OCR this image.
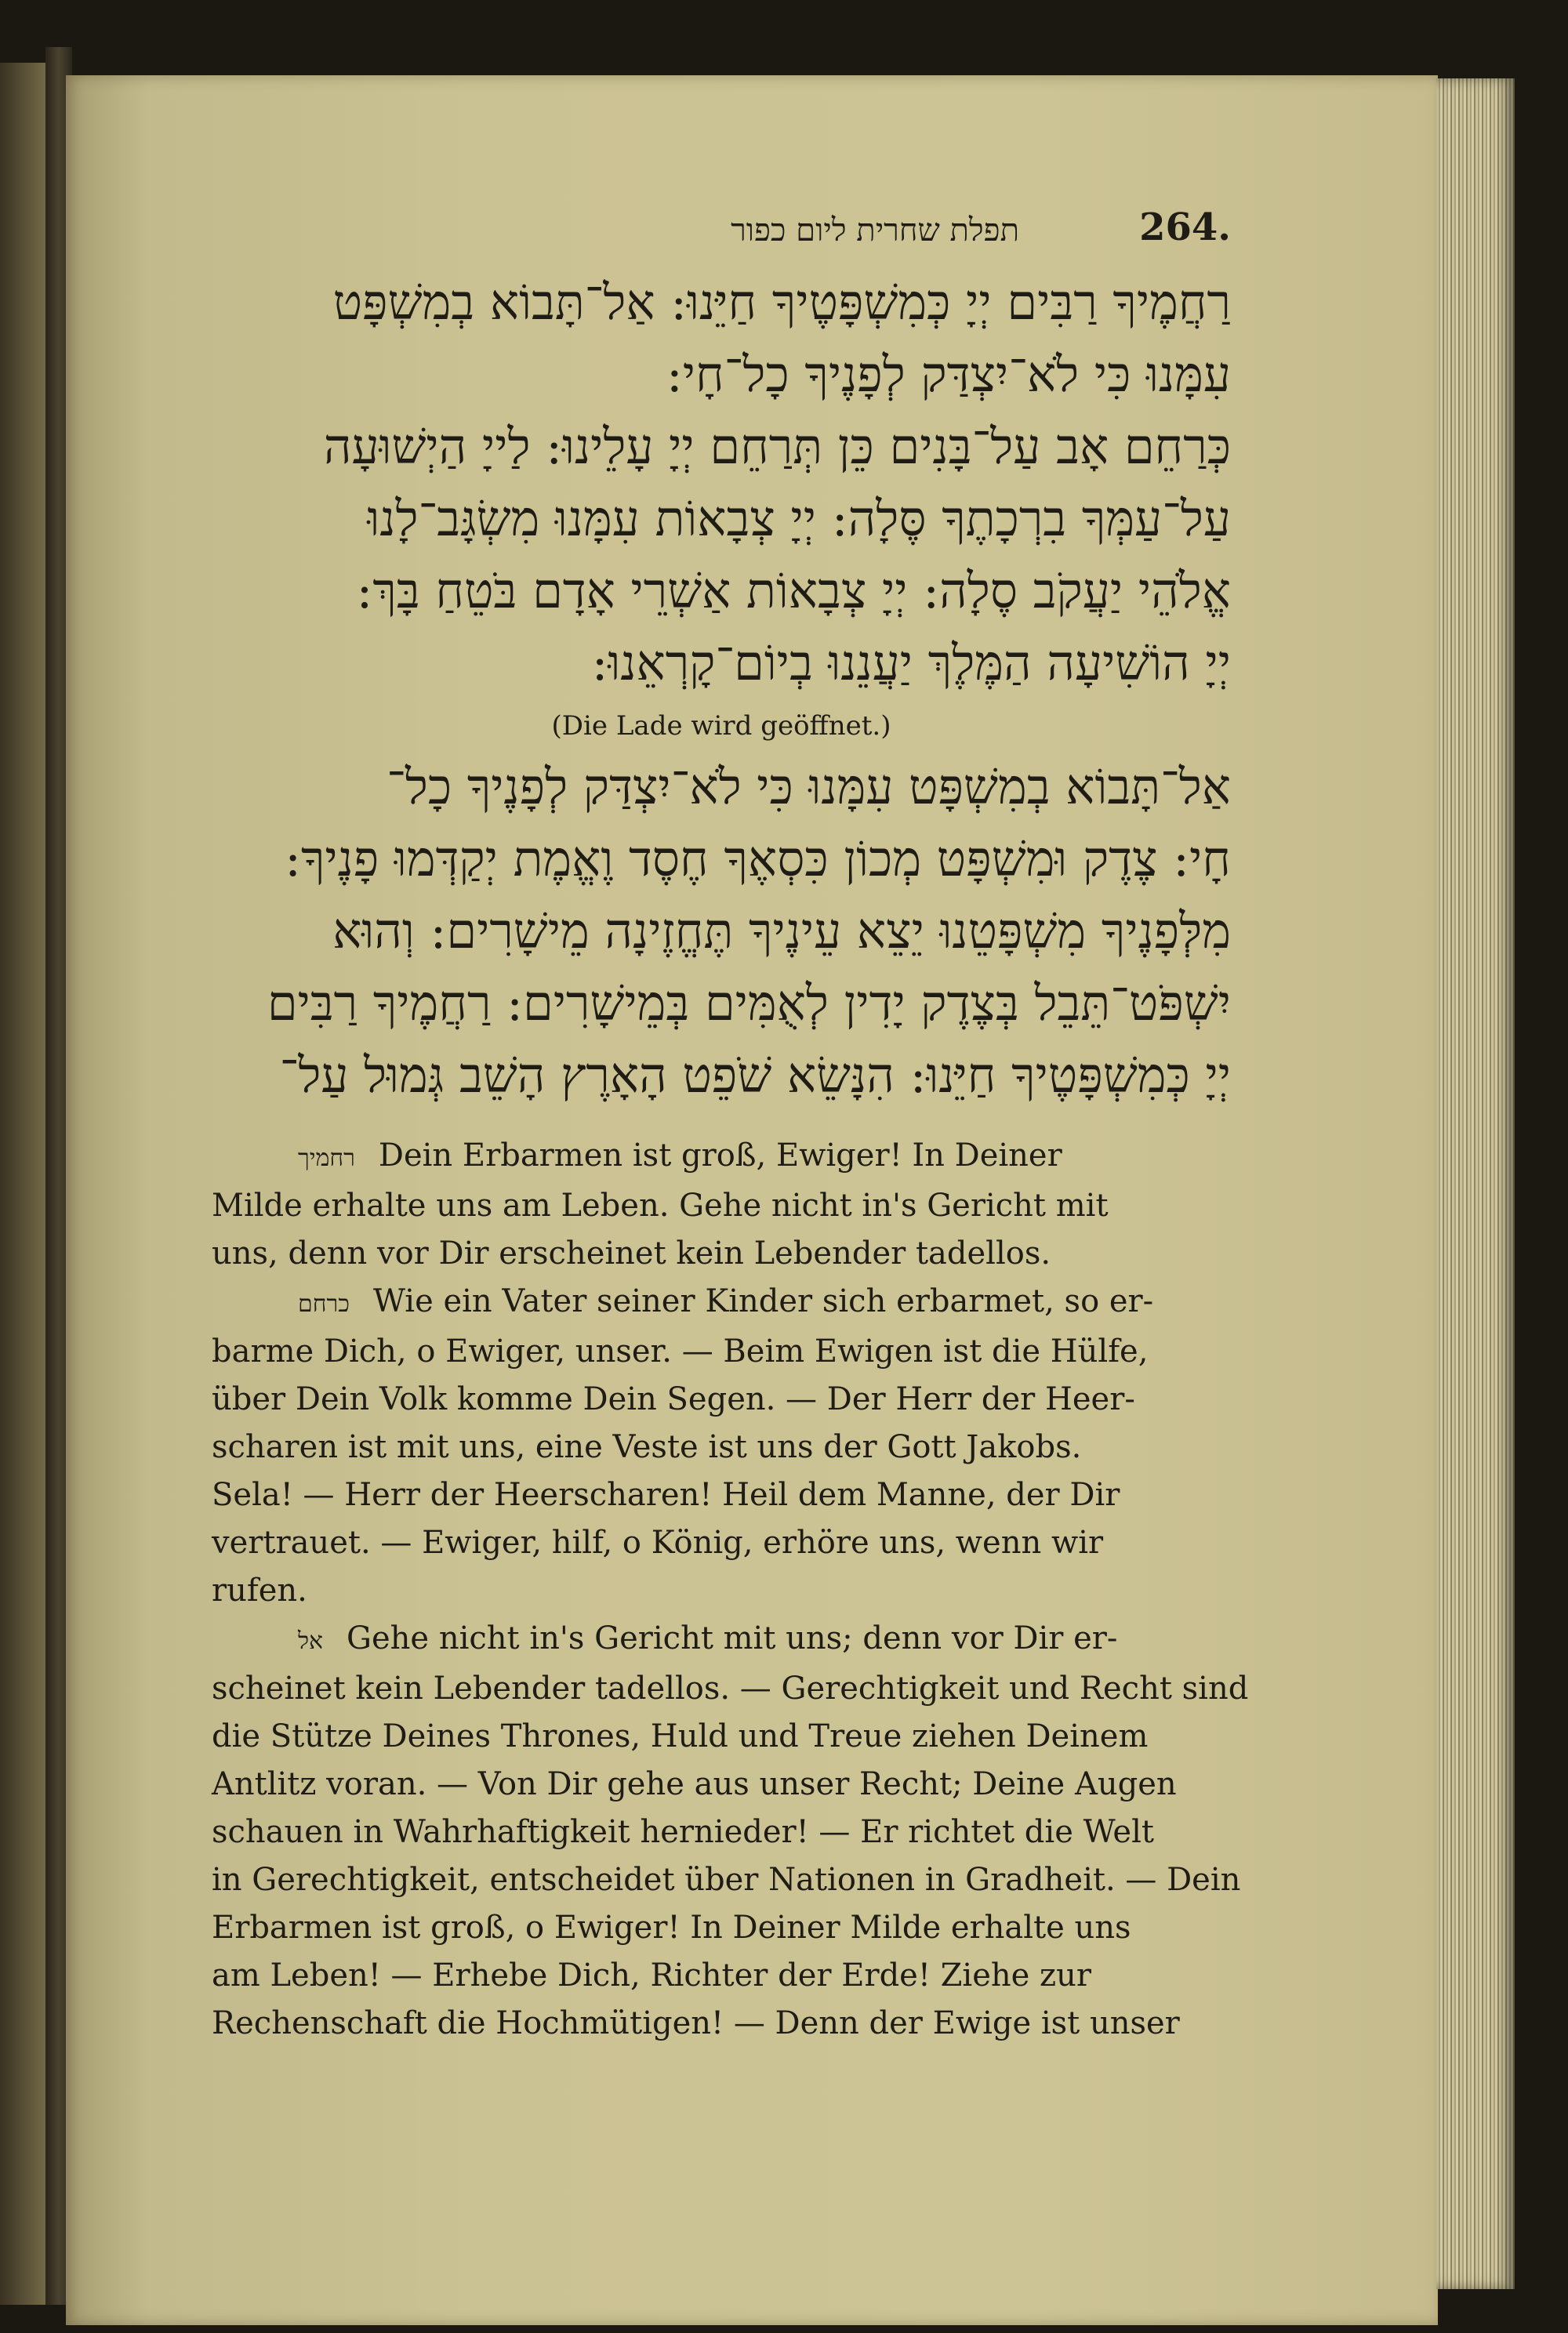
תפלת שחרית ליום כפור	264.
רַחֲמֶיךָ רַבִּים יְיָ כְּמִשְׁפָּטֶיךָ חַיֵּנוּ: אַל־תָּבוֹא בְמִשְׁפָּט
עִמָּנוּ כִּי לֹא־יִצְדַּק לְפָנֶיךָ כָל־חָי:
כְּרַחֵם אָב עַל־בָּנִים כֵּן תְּרַחֵם יְיָ עָלֵינוּ: לַייָ הַיְשׁוּעָה
עַל־עַמְּךָ בִרְכָתֶךָ סֶּלָה: יְיָ צְבָאוֹת עִמָּנוּ מִשְׂגָּב־לָנוּ
אֱלֹהֵי יַעֲקֹב סֶלָה: יְיָ צְבָאוֹת אַשְׁרֵי אָדָם בֹּטֵחַ בָּךְ:
יְיָ הוֹשִׁיעָה הַמֶּלֶךְ יַעֲנֵנוּ בְיוֹם־קָרְאֵנוּ:
(Die Lade wird geöffnet.)
אַל־תָּבוֹא בְמִשְׁפָּט עִמָּנוּ כִּי לֹא־יִצְדַּק לְפָנֶיךָ כָל־
חָי: צֶדֶק וּמִשְׁפָּט מְכוֹן כִּסְאֶךָ חֶסֶד וֶאֱמֶת יְקַדְּמוּ פָנֶיךָ:
מִלְּפָנֶיךָ מִשְׁפָּטֵנוּ יֵצֵא עֵינֶיךָ תֶּחֱזֶינָה מֵישָׁרִים: וְהוּא
יִשְׁפֹּט־תֵּבֵל בְּצֶדֶק יָדִין לְאֻמִּים בְּמֵישָׁרִים: רַחֲמֶיךָ רַבִּים
יְיָ כְּמִשְׁפָּטֶיךָ חַיֵּנוּ: הִנָּשֵׂא שֹׁפֵט הָאָרֶץ הָשֵׁב גְּמוּל עַל־
רחמיך Dein Erbarmen ist groß, Ewiger! In Deiner
Milde erhalte uns am Leben. Gehe nicht in's Gericht mit
uns, denn vor Dir erscheinet kein Lebender tadellos.
כרחם Wie ein Vater seiner Kinder sich erbarmet, so er-
barme Dich, o Ewiger, unser. — Beim Ewigen ist die Hülfe,
über Dein Volk komme Dein Segen. — Der Herr der Heer-
scharen ist mit uns, eine Veste ist uns der Gott Jakobs.
Sela! — Herr der Heerscharen! Heil dem Manne, der Dir
vertrauet. — Ewiger, hilf, o König, erhöre uns, wenn wir
rufen.
אל Gehe nicht in's Gericht mit uns; denn vor Dir er-
scheinet kein Lebender tadellos. — Gerechtigkeit und Recht sind
die Stütze Deines Thrones, Huld und Treue ziehen Deinem
Antlitz voran. — Von Dir gehe aus unser Recht; Deine Augen
schauen in Wahrhaftigkeit hernieder! — Er richtet die Welt
in Gerechtigkeit, entscheidet über Nationen in Gradheit. — Dein
Erbarmen ist groß, o Ewiger! In Deiner Milde erhalte uns
am Leben! — Erhebe Dich, Richter der Erde! Ziehe zur
Rechenschaft die Hochmütigen! — Denn der Ewige ist unser
